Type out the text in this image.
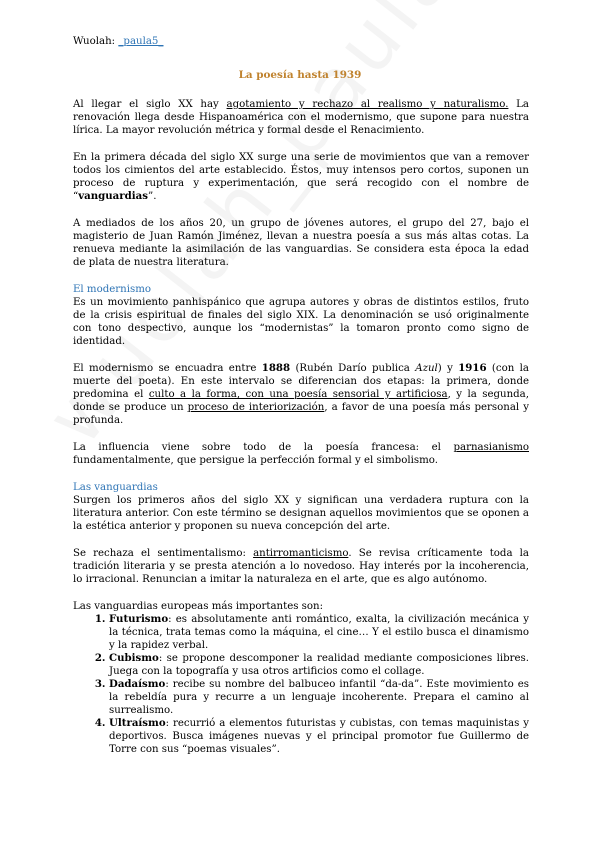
Wuolah: _paula5_
La poesía hasta 1939

Al llegar el siglo XX hay agotamiento y rechazo al realismo y naturalismo. La renovación llega desde Hispanoamérica con el modernismo, que supone para nuestra lírica. La mayor revolución métrica y formal desde el Renacimiento.

En la primera década del siglo XX surge una serie de movimientos que van a remover todos los cimientos del arte establecido. Éstos, muy intensos pero cortos, suponen un proceso de ruptura y experimentación, que será recogido con el nombre de “vanguardias”.

A mediados de los años 20, un grupo de jóvenes autores, el grupo del 27, bajo el magisterio de Juan Ramón Jiménez, llevan a nuestra poesía a sus más altas cotas. La renueva mediante la asimilación de las vanguardias. Se considera esta época la edad de plata de nuestra literatura.

El modernismo

Es un movimiento panhispánico que agrupa autores y obras de distintos estilos, fruto de la crisis espiritual de finales del siglo XIX. La denominación se usó originalmente con tono despectivo, aunque los “modernistas” la tomaron pronto como signo de identidad.

El modernismo se encuadra entre 1888 (Rubén Darío publica Azul) y 1916 (con la muerte del poeta). En este intervalo se diferencian dos etapas: la primera, donde predomina el culto a la forma, con una poesía sensorial y artificiosa, y la segunda, donde se produce un proceso de interiorización, a favor de una poesía más personal y profunda.

La influencia viene sobre todo de la poesía francesa: el parnasianismo fundamentalmente, que persigue la perfección formal y el simbolismo.

Las vanguardias

Surgen los primeros años del siglo XX y significan una verdadera ruptura con la literatura anterior. Con este término se designan aquellos movimientos que se oponen a la estética anterior y proponen su nueva concepción del arte.

Se rechaza el sentimentalismo: antirromanticismo. Se revisa críticamente toda la tradición literaria y se presta atención a lo novedoso. Hay interés por la incoherencia, lo irracional. Renuncian a imitar la naturaleza en el arte, que es algo autónomo.

Las vanguardias europeas más importantes son:
1. Futurismo: es absolutamente anti romántico, exalta, la civilización mecánica y la técnica, trata temas como la máquina, el cine… Y el estilo busca el dinamismo y la rapidez verbal.
2. Cubismo: se propone descomponer la realidad mediante composiciones libres. Juega con la topografía y usa otros artificios como el collage.
3. Dadaísmo: recibe su nombre del balbuceo infantil “da-da”. Este movimiento es la rebeldía pura y recurre a un lenguaje incoherente. Prepara el camino al surrealismo.
4. Ultraísmo: recurrió a elementos futuristas y cubistas, con temas maquinistas y deportivos. Busca imágenes nuevas y el principal promotor fue Guillermo de Torre con sus “poemas visuales”.
